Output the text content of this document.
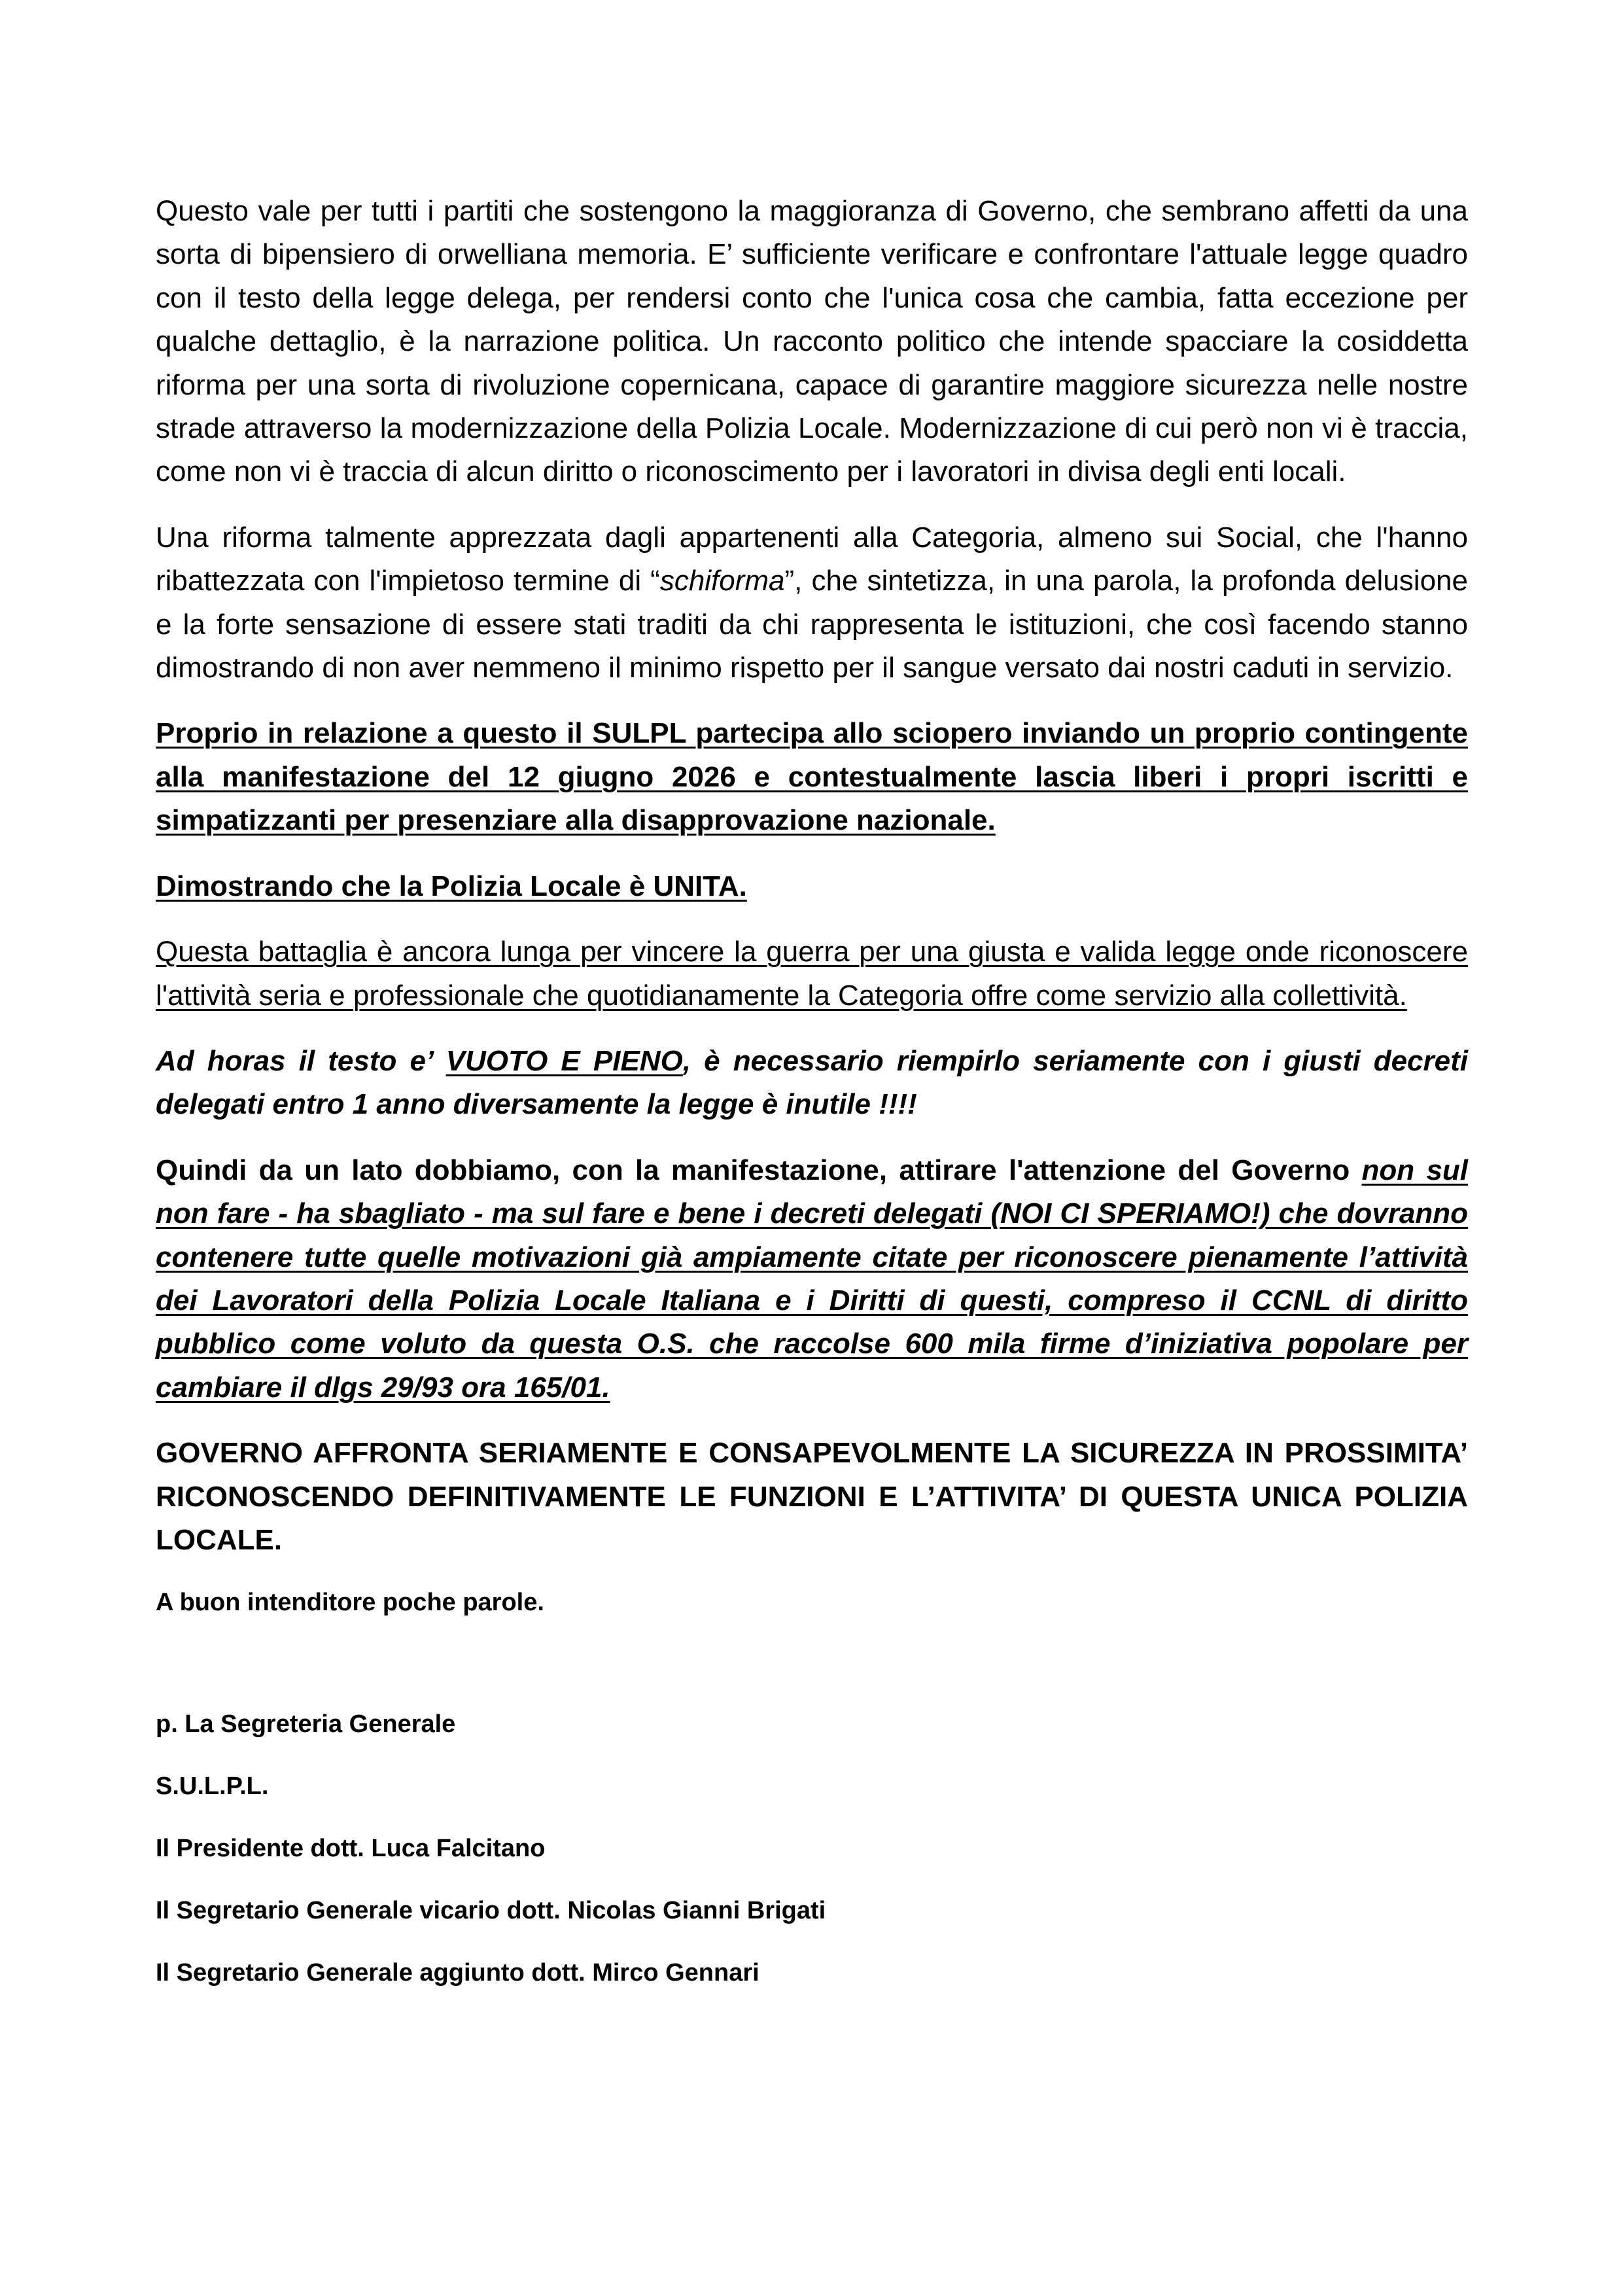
Questo vale per tutti i partiti che sostengono la maggioranza di Governo, che sembrano affetti da una sorta di bipensiero di orwelliana memoria. E’ sufficiente verificare e confrontare l'attuale legge quadro con il testo della legge delega, per rendersi conto che l'unica cosa che cambia, fatta eccezione per qualche dettaglio, è la narrazione politica. Un racconto politico che intende spacciare la cosiddetta riforma per una sorta di rivoluzione copernicana, capace di garantire maggiore sicurezza nelle nostre strade attraverso la modernizzazione della Polizia Locale. Modernizzazione di cui però non vi è traccia, come non vi è traccia di alcun diritto o riconoscimento per i lavoratori in divisa degli enti locali.

Una riforma talmente apprezzata dagli appartenenti alla Categoria, almeno sui Social, che l'hanno ribattezzata con l'impietoso termine di “schiforma”, che sintetizza, in una parola, la profonda delusione e la forte sensazione di essere stati traditi da chi rappresenta le istituzioni, che così facendo stanno dimostrando di non aver nemmeno il minimo rispetto per il sangue versato dai nostri caduti in servizio.

Proprio in relazione a questo il SULPL partecipa allo sciopero inviando un proprio contingente alla manifestazione del 12 giugno 2026 e contestualmente lascia liberi i propri iscritti e simpatizzanti per presenziare alla disapprovazione nazionale.

Dimostrando che la Polizia Locale è UNITA.

Questa battaglia è ancora lunga per vincere la guerra per una giusta e valida legge onde riconoscere l'attività seria e professionale che quotidianamente la Categoria offre come servizio alla collettività.

Ad horas il testo e’ VUOTO E PIENO, è necessario riempirlo seriamente con i giusti decreti delegati entro 1 anno diversamente la legge è inutile !!!!

Quindi da un lato dobbiamo, con la manifestazione, attirare l'attenzione del Governo non sul non fare - ha sbagliato - ma sul fare e bene i decreti delegati (NOI CI SPERIAMO!) che dovranno contenere tutte quelle motivazioni già ampiamente citate per riconoscere pienamente l’attività dei Lavoratori della Polizia Locale Italiana e i Diritti di questi, compreso il CCNL di diritto pubblico come voluto da questa O.S. che raccolse 600 mila firme d’iniziativa popolare per cambiare il dlgs 29/93 ora 165/01.

GOVERNO AFFRONTA SERIAMENTE E CONSAPEVOLMENTE LA SICUREZZA IN PROSSIMITA’ RICONOSCENDO DEFINITIVAMENTE LE FUNZIONI E L’ATTIVITA’ DI QUESTA UNICA POLIZIA LOCALE.

A buon intenditore poche parole.

p. La Segreteria Generale

S.U.L.P.L.

Il Presidente dott. Luca Falcitano

Il Segretario Generale vicario dott. Nicolas Gianni Brigati

Il Segretario Generale aggiunto dott. Mirco Gennari
